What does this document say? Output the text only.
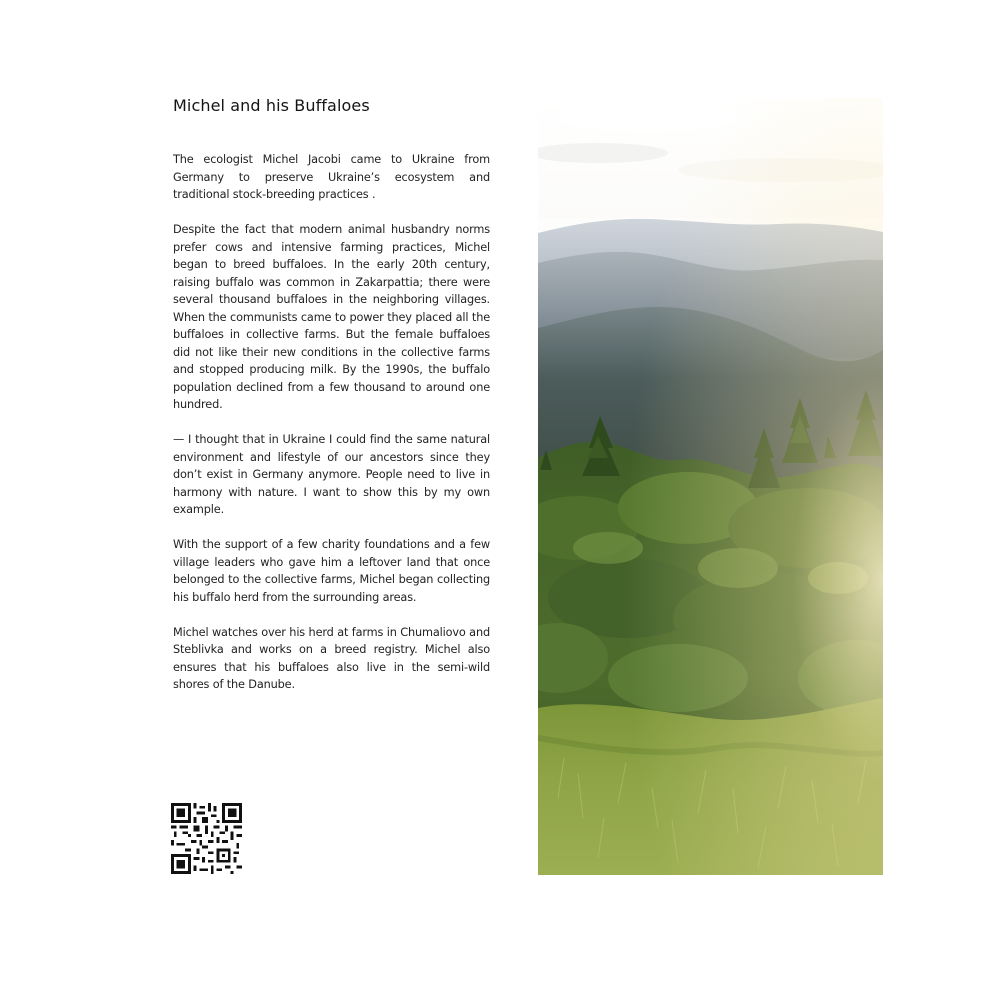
Michel and his Buffaloes

The ecologist Michel Jacobi came to Ukraine from Germany to preserve Ukraine’s ecosystem and traditional stock-breeding practices .

Despite the fact that modern animal husbandry norms prefer cows and intensive farming practices, Michel began to breed buffaloes. In the early 20th century, raising buffalo was common in Zakarpattia; there were several thousand buffaloes in the neighboring villages. When the communists came to power they placed all the buffaloes in collective farms. But the female buffaloes did not like their new conditions in the collective farms and stopped producing milk. By the 1990s, the buffalo population declined from a few thousand to around one hundred.

— I thought that in Ukraine I could find the same natural environment and lifestyle of our ancestors since they don’t exist in Germany anymore. People need to live in harmony with nature. I want to show this by my own example.

With the support of a few charity foundations and a few village leaders who gave him a leftover land that once belonged to the collective farms, Michel began collecting his buffalo herd from the surrounding areas.

Michel watches over his herd at farms in Chumaliovo and Steblivka and works on a breed registry. Michel also ensures that his buffaloes also live in the semi-wild shores of the Danube.
